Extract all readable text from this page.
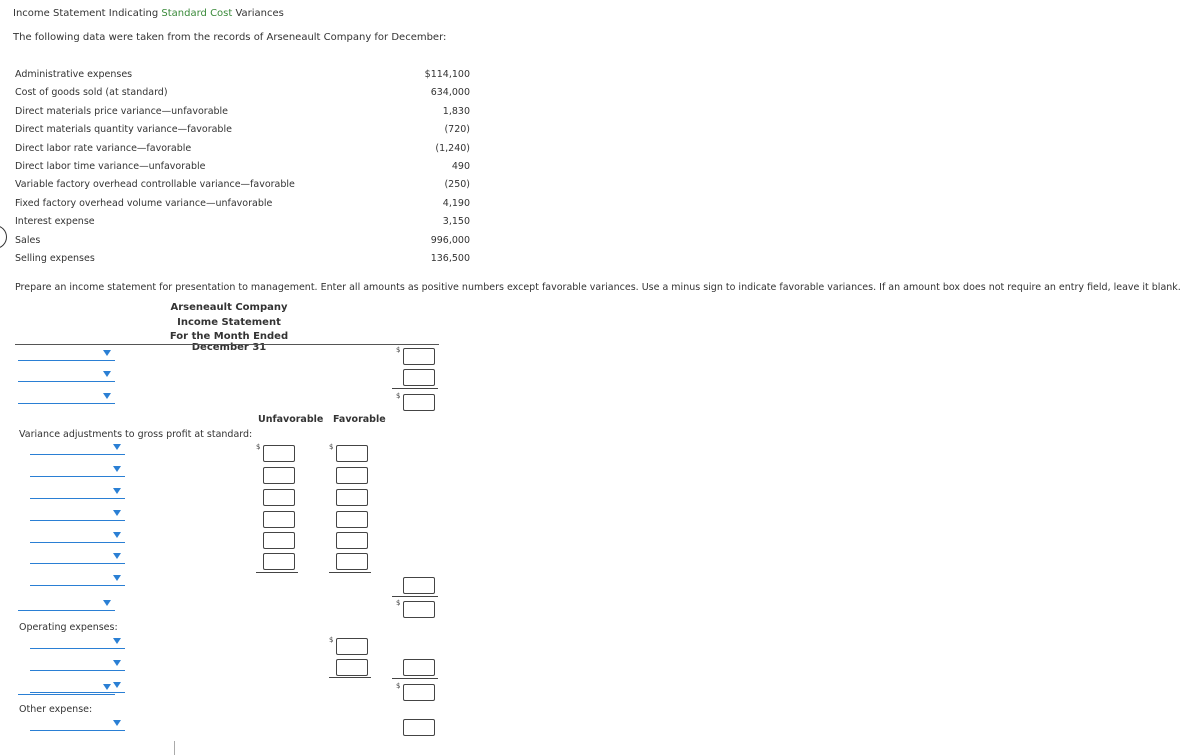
Income Statement Indicating Standard Cost Variances
The following data were taken from the records of Arseneault Company for December:
Administrative expenses	$114,100
Cost of goods sold (at standard)	634,000
Direct materials price variance—unfavorable	1,830
Direct materials quantity variance—favorable	(720)
Direct labor rate variance—favorable	(1,240)
Direct labor time variance—unfavorable	490
Variable factory overhead controllable variance—favorable	(250)
Fixed factory overhead volume variance—unfavorable	4,190
Interest expense	3,150
Sales	996,000
Selling expenses	136,500
Prepare an income statement for presentation to management. Enter all amounts as positive numbers except favorable variances. Use a minus sign to indicate favorable variances. If an amount box does not require an entry field, leave it blank.
Arseneault Company
Income Statement
For the Month Ended December 31
Unfavorable Favorable
Variance adjustments to gross profit at standard:
Operating expenses:
Other expense:
$
$
$	$
$
$
$
